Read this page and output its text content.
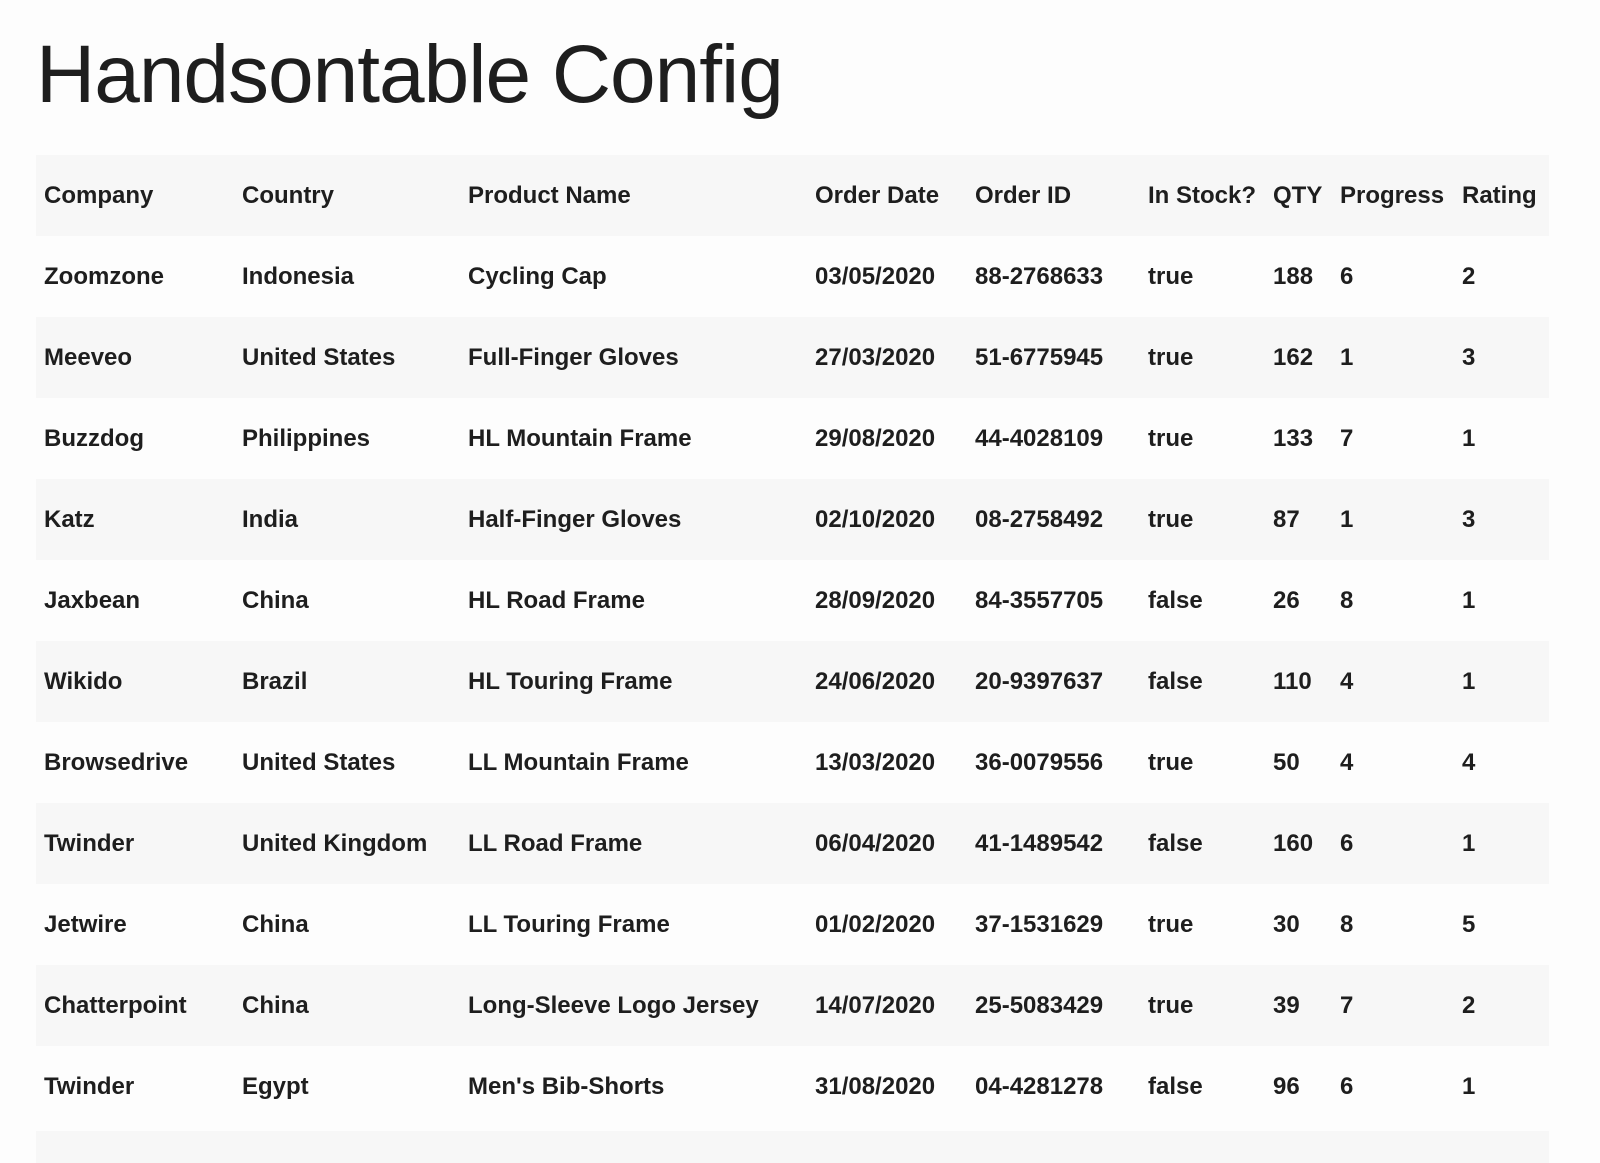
Handsontable Config
Company	Country	Product Name	Order Date	Order ID	In Stock?	QTY	Progress	Rating
Zoomzone	Indonesia	Cycling Cap	03/05/2020	88-2768633	true	188	6	2
Meeveo	United States	Full-Finger Gloves	27/03/2020	51-6775945	true	162	1	3
Buzzdog	Philippines	HL Mountain Frame	29/08/2020	44-4028109	true	133	7	1
Katz	India	Half-Finger Gloves	02/10/2020	08-2758492	true	87	1	3
Jaxbean	China	HL Road Frame	28/09/2020	84-3557705	false	26	8	1
Wikido	Brazil	HL Touring Frame	24/06/2020	20-9397637	false	110	4	1
Browsedrive	United States	LL Mountain Frame	13/03/2020	36-0079556	true	50	4	4
Twinder	United Kingdom	LL Road Frame	06/04/2020	41-1489542	false	160	6	1
Jetwire	China	LL Touring Frame	01/02/2020	37-1531629	true	30	8	5
Chatterpoint	China	Long-Sleeve Logo Jersey	14/07/2020	25-5083429	true	39	7	2
Twinder	Egypt	Men's Bib-Shorts	31/08/2020	04-4281278	false	96	6	1
